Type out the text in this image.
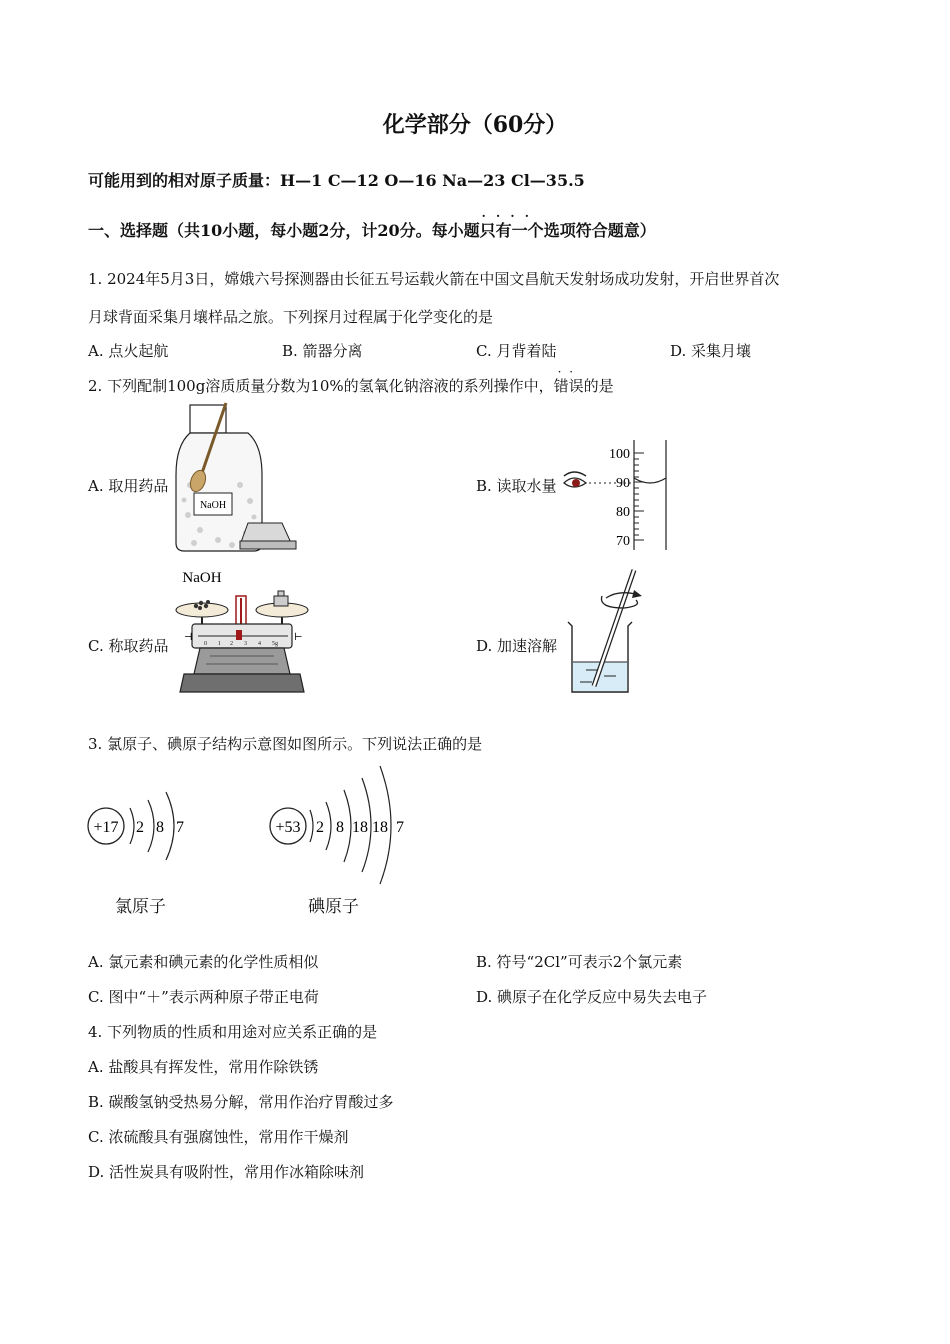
化学部分（60分）
可能用到的相对原子质量：H—1 C—12 O—16 Na—23 Cl—35.5
一、选择题（共10小题，每小题2分，计20分。每小题· · · · 只有一个选项符合题意）
1. 2024年5月3日，嫦娥六号探测器由长征五号运载火箭在中国文昌航天发射场成功发射，开启世界首次
月球背面采集月壤样品之旅。下列探月过程属于化学变化的是
A. 点火起航	B. 箭器分离	C. 月背着陆	D. 采集月壤
2. 下列配制100g溶质质量分数为10%的氢氧化钠溶液的系列操作中，· · 错误的是
A. 取用药品	B. 读取水量
C. 称取药品	D. 加速溶解
NaOH
100
90
80
70
NaOH
0 1 2 3 4 5g
⊣	⊢
3. 氯原子、碘原子结构示意图如图所示。下列说法正确的是
+17 2 8 7
氯原子
+53 2 8 18 18 7
碘原子
A. 氯元素和碘元素的化学性质相似	B. 符号“2Cl”可表示2个氯元素
C. 图中“＋”表示两种原子带正电荷	D. 碘原子在化学反应中易失去电子
4. 下列物质的性质和用途对应关系正确的是
A. 盐酸具有挥发性，常用作除铁锈
B. 碳酸氢钠受热易分解，常用作治疗胃酸过多
C. 浓硫酸具有强腐蚀性，常用作干燥剂
D. 活性炭具有吸附性，常用作冰箱除味剂
